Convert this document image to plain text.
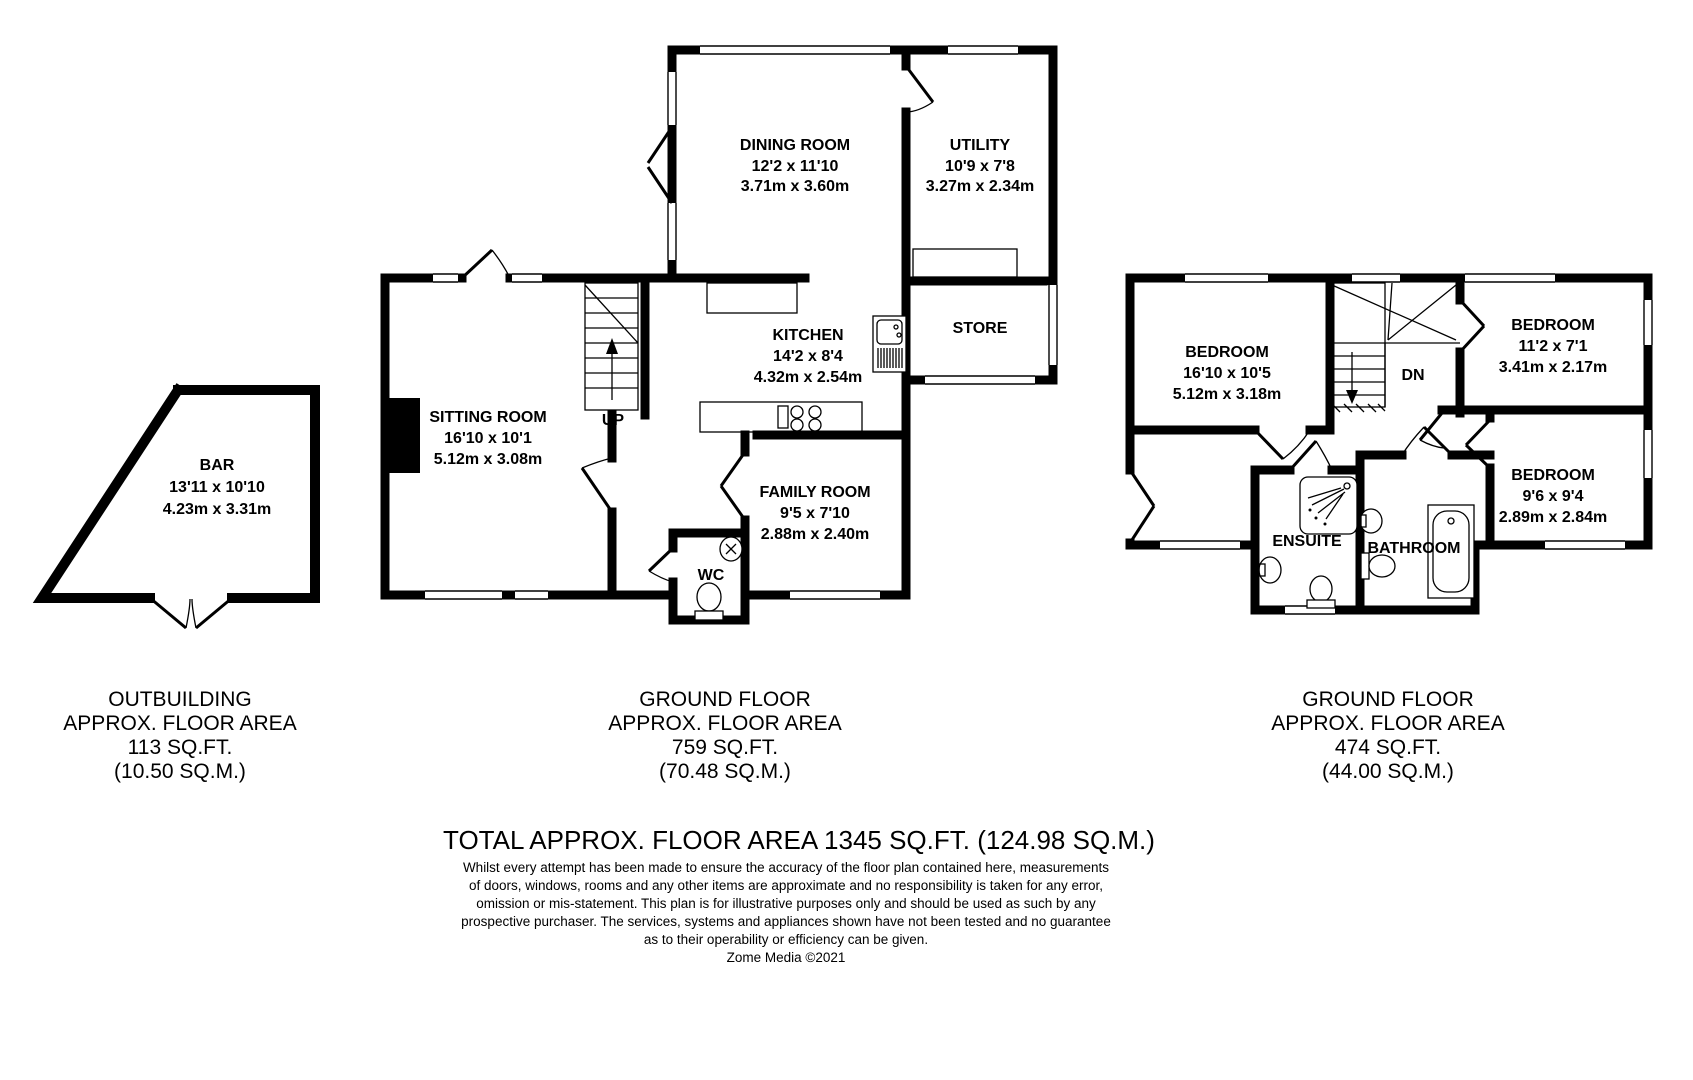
BAR
13'11 x 10'10
4.23m x 3.31m
DINING ROOM
12'2 x 11'10
3.71m x 3.60m
UTILITY
10'9 x 7'8
3.27m x 2.34m
STORE
KITCHEN
14'2 x 8'4
4.32m x 2.54m
SITTING ROOM
16'10 x 10'1
5.12m x 3.08m
FAMILY ROOM
9'5 x 7'10
2.88m x 2.40m
WC
UP
BEDROOM
16'10 x 10'5
5.12m x 3.18m
BEDROOM
11'2 x 7'1
3.41m x 2.17m
BEDROOM
9'6 x 9'4
2.89m x 2.84m
ENSUITE BATHROOM
DN
OUTBUILDING
APPROX. FLOOR AREA
113 SQ.FT.
(10.50 SQ.M.)
GROUND FLOOR
APPROX. FLOOR AREA
759 SQ.FT.
(70.48 SQ.M.)
GROUND FLOOR
APPROX. FLOOR AREA
474 SQ.FT.
(44.00 SQ.M.)
TOTAL APPROX. FLOOR AREA 1345 SQ.FT. (124.98 SQ.M.)
Whilst every attempt has been made to ensure the accuracy of the floor plan contained here, measurements
of doors, windows, rooms and any other items are approximate and no responsibility is taken for any error,
omission or mis-statement. This plan is for illustrative purposes only and should be used as such by any
prospective purchaser. The services, systems and appliances shown have not been tested and no guarantee
as to their operability or efficiency can be given.
Zome Media ©2021
